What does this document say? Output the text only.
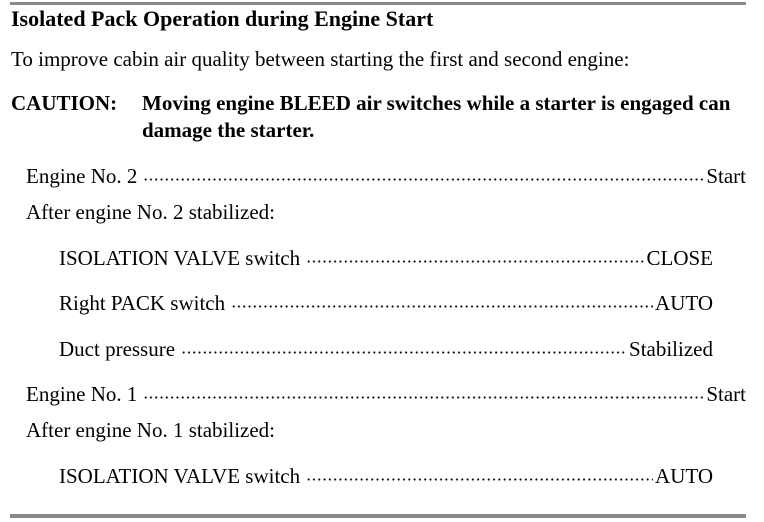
Isolated Pack Operation during Engine Start
To improve cabin air quality between starting the first and second engine:
CAUTION: Moving engine BLEED air switches while a starter is engaged can damage the starter.
Engine No. 2	Start
After engine No. 2 stabilized:
ISOLATION VALVE switch	CLOSE
Right PACK switch	AUTO
Duct pressure	Stabilized
Engine No. 1	Start
After engine No. 1 stabilized:
ISOLATION VALVE switch	AUTO
